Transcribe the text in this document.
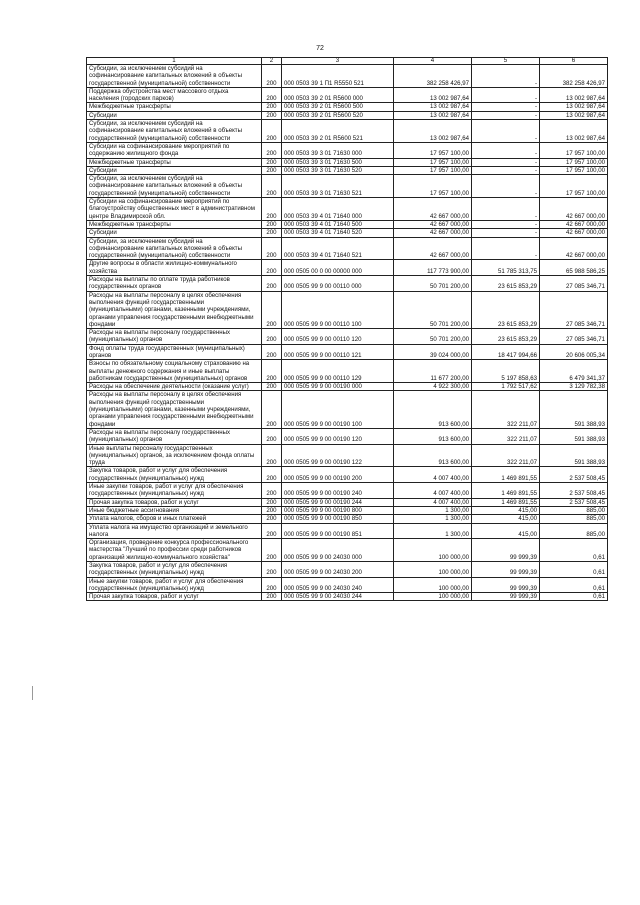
72
1	2	3	4	5	6
Субсидии, за исключением субсидий на софинансирование капитальных вложений в объекты государственной (муниципальной) собственности	200	000 0503 39 1 П1 R5550 521	382 258 426,97	-	382 258 426,97
Поддержка обустройства мест массового отдыха населения (городских парков)	200	000 0503 39 2 01 R5600 000	13 002 987,64	-	13 002 987,64
Межбюджетные трансферты	200	000 0503 39 2 01 R5600 500	13 002 987,64	-	13 002 987,64
Субсидии	200	000 0503 39 2 01 R5600 520	13 002 987,64	-	13 002 987,64
Субсидии, за исключением субсидий на софинансирование капитальных вложений в объекты государственной (муниципальной) собственности	200	000 0503 39 2 01 R5600 521	13 002 987,64	-	13 002 987,64
Субсидии на софинансирование мероприятий по содержанию жилищного фонда	200	000 0503 39 3 01 71630 000	17 957 100,00	-	17 957 100,00
Межбюджетные трансферты	200	000 0503 39 3 01 71630 500	17 957 100,00	-	17 957 100,00
Субсидии	200	000 0503 39 3 01 71630 520	17 957 100,00	-	17 957 100,00
Субсидии, за исключением субсидий на софинансирование капитальных вложений в объекты государственной (муниципальной) собственности	200	000 0503 39 3 01 71630 521	17 957 100,00	-	17 957 100,00
Субсидии на софинансирование мероприятий по благоустройству общественных мест в административном центре Владимирской обл.	200	000 0503 39 4 01 71640 000	42 667 000,00	-	42 667 000,00
Межбюджетные трансферты	200	000 0503 39 4 01 71640 500	42 667 000,00	-	42 667 000,00
Субсидии	200	000 0503 39 4 01 71640 520	42 667 000,00	-	42 667 000,00
Субсидии, за исключением субсидий на софинансирование капитальных вложений в объекты государственной (муниципальной) собственности	200	000 0503 39 4 01 71640 521	42 667 000,00	-	42 667 000,00
Другие вопросы в области жилищно-коммунального хозяйства	200	000 0505 00 0 00 00000 000	117 773 900,00	51 785 313,75	65 988 586,25
Расходы на выплаты по оплате труда работников государственных органов	200	000 0505 99 9 00 00110 000	50 701 200,00	23 615 853,29	27 085 346,71
Расходы на выплаты персоналу в целях обеспечения выполнения функций государственными (муниципальными) органами, казенными учреждениями, органами управления государственными внебюджетными фондами	200	000 0505 99 9 00 00110 100	50 701 200,00	23 615 853,29	27 085 346,71
Расходы на выплаты персоналу государственных (муниципальных) органов	200	000 0505 99 9 00 00110 120	50 701 200,00	23 615 853,29	27 085 346,71
Фонд оплаты труда государственных (муниципальных) органов	200	000 0505 99 9 00 00110 121	39 024 000,00	18 417 994,66	20 606 005,34
Взносы по обязательному социальному страхованию на выплаты денежного содержания и иные выплаты работникам государственных (муниципальных) органов	200	000 0505 99 9 00 00110 129	11 677 200,00	5 197 858,63	6 479 341,37
Расходы на обеспечение деятельности (оказание услуг)	200	000 0505 99 9 00 00190 000	4 922 300,00	1 792 517,62	3 129 782,38
Расходы на выплаты персоналу в целях обеспечения выполнения функций государственными (муниципальными) органами, казенными учреждениями, органами управления государственными внебюджетными фондами	200	000 0505 99 9 00 00190 100	913 600,00	322 211,07	591 388,93
Расходы на выплаты персоналу государственных (муниципальных) органов	200	000 0505 99 9 00 00190 120	913 600,00	322 211,07	591 388,93
Иные выплаты персоналу государственных (муниципальных) органов, за исключением фонда оплаты труда	200	000 0505 99 9 00 00190 122	913 600,00	322 211,07	591 388,93
Закупка товаров, работ и услуг для обеспечения государственных (муниципальных) нужд	200	000 0505 99 9 00 00190 200	4 007 400,00	1 469 891,55	2 537 508,45
Иные закупки товаров, работ и услуг для обеспечения государственных (муниципальных) нужд	200	000 0505 99 9 00 00190 240	4 007 400,00	1 469 891,55	2 537 508,45
Прочая закупка товаров, работ и услуг	200	000 0505 99 9 00 00190 244	4 007 400,00	1 469 891,55	2 537 508,45
Иные бюджетные ассигнования	200	000 0505 99 9 00 00190 800	1 300,00	415,00	885,00
Уплата налогов, сборов и иных платежей	200	000 0505 99 9 00 00190 850	1 300,00	415,00	885,00
Уплата налога на имущество организаций и земельного налога	200	000 0505 99 9 00 00190 851	1 300,00	415,00	885,00
Организация, проведение конкурса профессионального мастерства "Лучший по профессии среди работников организаций жилищно-коммунального хозяйства"	200	000 0505 99 9 00 24030 000	100 000,00	99 999,39	0,61
Закупка товаров, работ и услуг для обеспечения государственных (муниципальных) нужд	200	000 0505 99 9 00 24030 200	100 000,00	99 999,39	0,61
Иные закупки товаров, работ и услуг для обеспечения государственных (муниципальных) нужд	200	000 0505 99 9 00 24030 240	100 000,00	99 999,39	0,61
Прочая закупка товаров, работ и услуг	200	000 0505 99 9 00 24030 244	100 000,00	99 999,39	0,61
